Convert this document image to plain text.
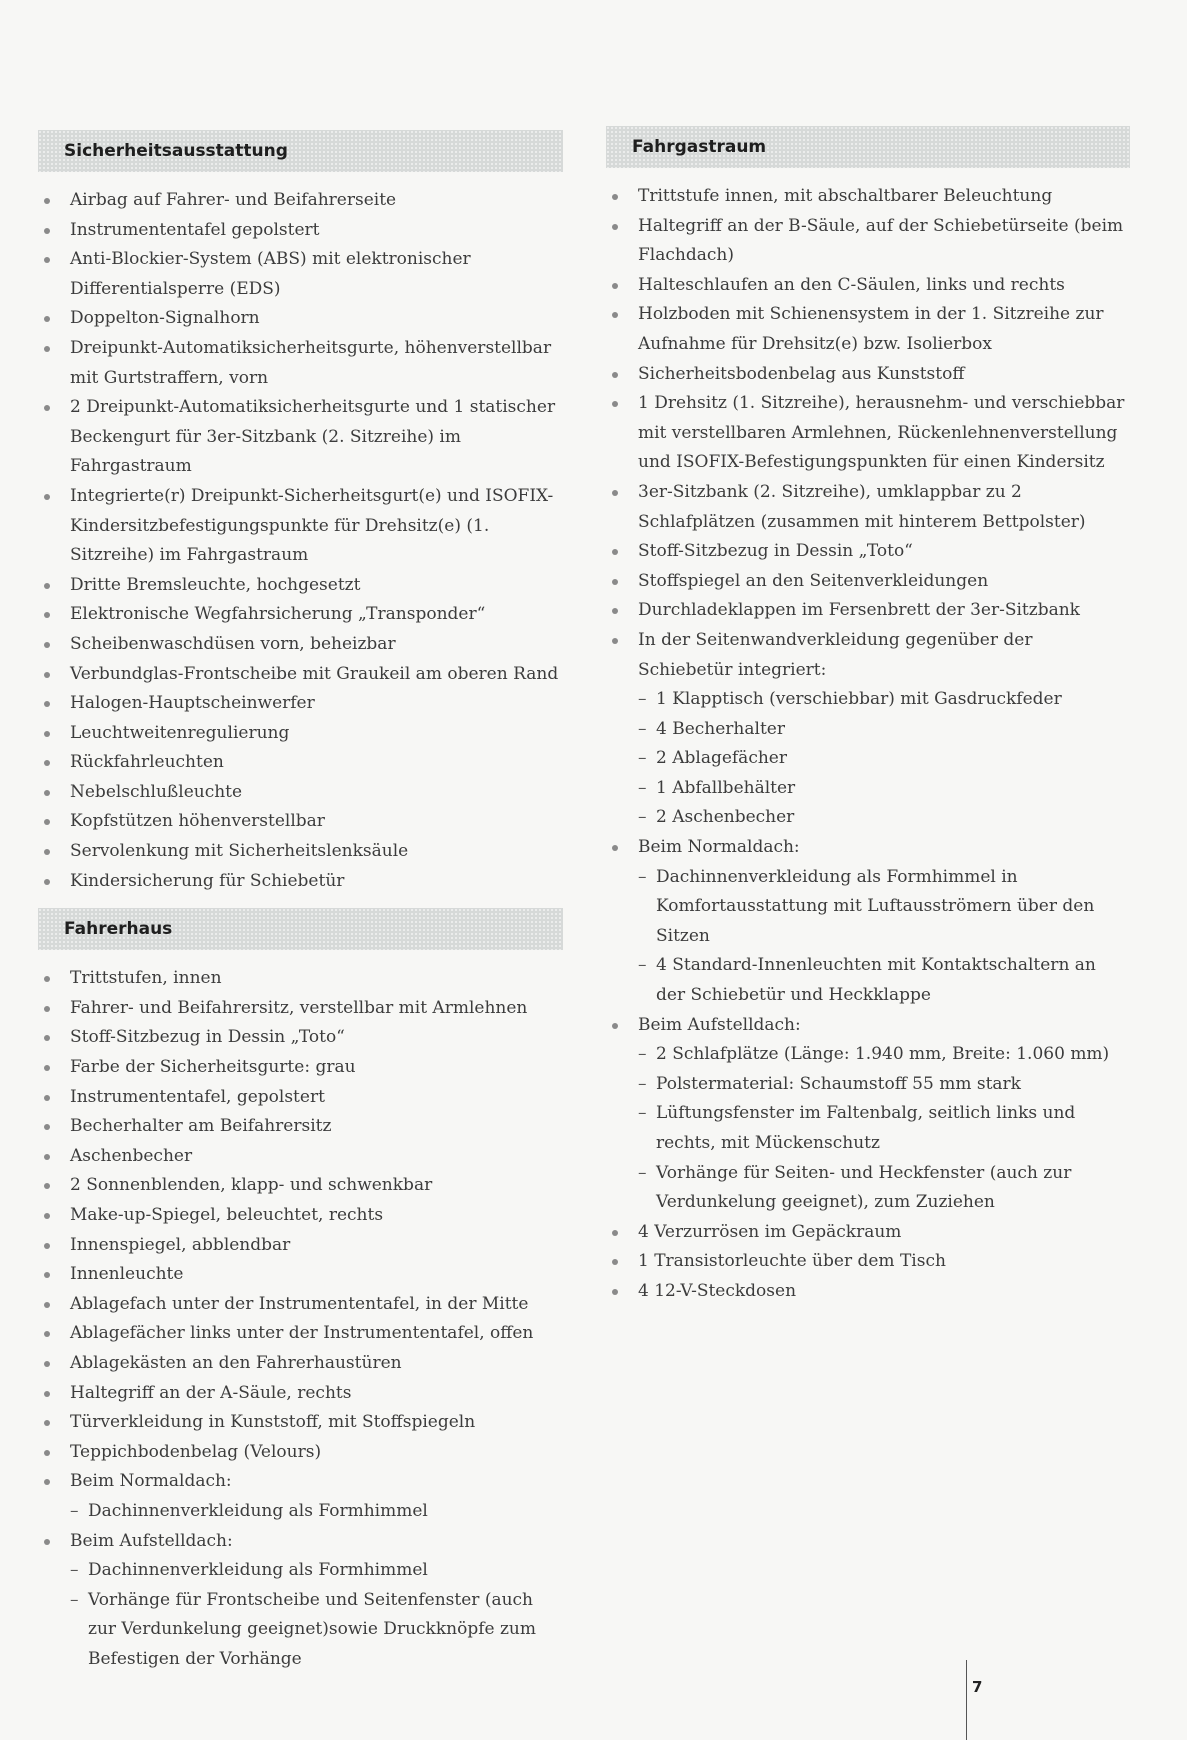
Sicherheitsausstattung
Airbag auf Fahrer- und Beifahrerseite
Instrumententafel gepolstert
Anti-Blockier-System (ABS) mit elektronischer Differentialsperre (EDS)
Doppelton-Signalhorn
Dreipunkt-Automatiksicherheitsgurte, höhenverstellbar mit Gurtstraffern, vorn
2 Dreipunkt-Automatiksicherheitsgurte und 1 statischer Beckengurt für 3er-Sitzbank (2. Sitzreihe) im Fahrgastraum
Integrierte(r) Dreipunkt-Sicherheitsgurt(e) und ISOFIX-Kindersitzbefestigungspunkte für Drehsitz(e) (1. Sitzreihe) im Fahrgastraum
Dritte Bremsleuchte, hochgesetzt
Elektronische Wegfahrsicherung „Transponder“
Scheibenwaschdüsen vorn, beheizbar
Verbundglas-Frontscheibe mit Graukeil am oberen Rand
Halogen-Hauptscheinwerfer
Leuchtweitenregulierung
Rückfahrleuchten
Nebelschlußleuchte
Kopfstützen höhenverstellbar
Servolenkung mit Sicherheitslenksäule
Kindersicherung für Schiebetür
Fahrerhaus
Trittstufen, innen
Fahrer- und Beifahrersitz, verstellbar mit Armlehnen
Stoff-Sitzbezug in Dessin „Toto“
Farbe der Sicherheitsgurte: grau
Instrumententafel, gepolstert
Becherhalter am Beifahrersitz
Aschenbecher
2 Sonnenblenden, klapp- und schwenkbar
Make-up-Spiegel, beleuchtet, rechts
Innenspiegel, abblendbar
Innenleuchte
Ablagefach unter der Instrumententafel, in der Mitte
Ablagefächer links unter der Instrumententafel, offen
Ablagekästen an den Fahrerhaustüren
Haltegriff an der A-Säule, rechts
Türverkleidung in Kunststoff, mit Stoffspiegeln
Teppichbodenbelag (Velours)
Beim Normaldach:
– Dachinnenverkleidung als Formhimmel
Beim Aufstelldach:
– Dachinnenverkleidung als Formhimmel
– Vorhänge für Frontscheibe und Seitenfenster (auch zur Verdunkelung geeignet)sowie Druckknöpfe zum Befestigen der Vorhänge
Fahrgastraum
Trittstufe innen, mit abschaltbarer Beleuchtung
Haltegriff an der B-Säule, auf der Schiebetürseite (beim Flachdach)
Halteschlaufen an den C-Säulen, links und rechts
Holzboden mit Schienensystem in der 1. Sitzreihe zur Aufnahme für Drehsitz(e) bzw. Isolierbox
Sicherheitsbodenbelag aus Kunststoff
1 Drehsitz (1. Sitzreihe), herausnehm- und verschiebbar mit verstellbaren Armlehnen, Rückenlehnenverstellung und ISOFIX-Befestigungspunkten für einen Kindersitz
3er-Sitzbank (2. Sitzreihe), umklappbar zu 2 Schlafplätzen (zusammen mit hinterem Bettpolster)
Stoff-Sitzbezug in Dessin „Toto“
Stoffspiegel an den Seitenverkleidungen
Durchladeklappen im Fersenbrett der 3er-Sitzbank
In der Seitenwandverkleidung gegenüber der Schiebetür integriert:
– 1 Klapptisch (verschiebbar) mit Gasdruckfeder
– 4 Becherhalter
– 2 Ablagefächer
– 1 Abfallbehälter
– 2 Aschenbecher
Beim Normaldach:
– Dachinnenverkleidung als Formhimmel in Komfortausstattung mit Luftausströmern über den Sitzen
– 4 Standard-Innenleuchten mit Kontaktschaltern an der Schiebetür und Heckklappe
Beim Aufstelldach:
– 2 Schlafplätze (Länge: 1.940 mm, Breite: 1.060 mm)
– Polstermaterial: Schaumstoff 55 mm stark
– Lüftungsfenster im Faltenbalg, seitlich links und rechts, mit Mückenschutz
– Vorhänge für Seiten- und Heckfenster (auch zur Verdunkelung geeignet), zum Zuziehen
4 Verzurrösen im Gepäckraum
1 Transistorleuchte über dem Tisch
4 12-V-Steckdosen
7
